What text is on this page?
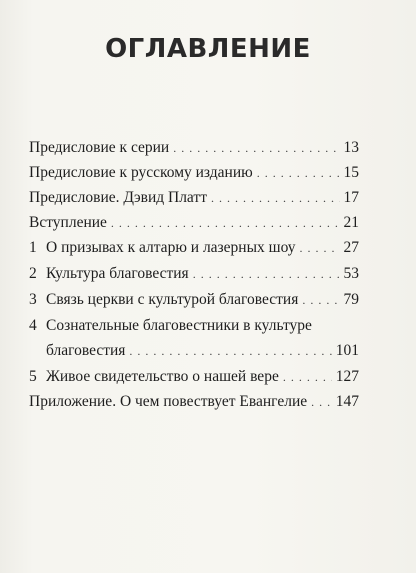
ОГЛАВЛЕНИЕ
Предисловие к серии . . .	13
Предисловие к русскому изданию . . .	15
Предисловие. Дэвид Платт . . .	17
Вступление . . .	21
1 О призывах к алтарю и лазерных шоу . . .	27
2 Культура благовестия . . .	53
3 Связь церкви с культурой благовестия . . .	79
4 Сознательные благовестники в культуре
благовестия . . .	101
5 Живое свидетельство о нашей вере . . .	127
Приложение. О чем повествует Евангелие . . . 147
